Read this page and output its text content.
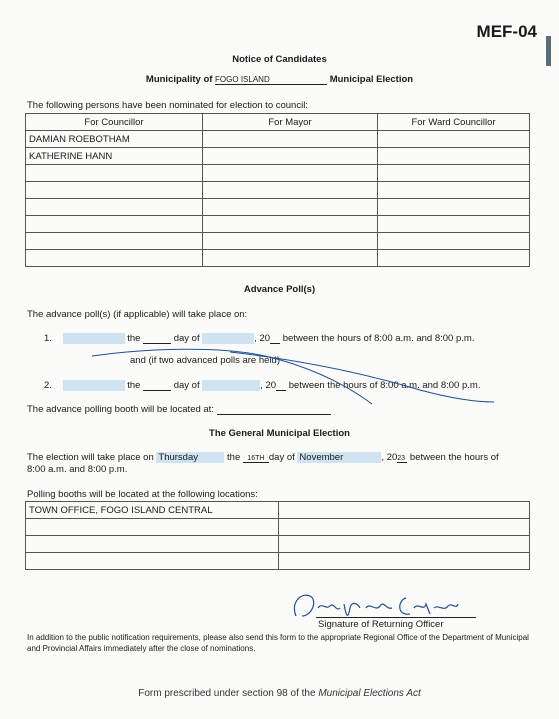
MEF-04
Notice of Candidates
Municipality of FOGO ISLAND	Municipal Election
The following persons have been nominated for election to council:
For Councillor	For Mayor	For Ward Councillor
DAMIAN ROEBOTHAM		
KATHERINE HANN		

Advance Poll(s)
The advance poll(s) (if applicable) will take place on:
1.	the	day of	, 20 between the hours of 8:00 a.m. and 8:00 p.m.
and (if two advanced polls are held)
2.	the	day of	, 20 between the hours of 8:00 a.m. and 8:00 p.m.
The advance polling booth will be located at:
The General Municipal Election
The election will take place on Thursday	the 16TH day of November	, 2023 between the hours of
8:00 a.m. and 8:00 p.m.
Polling booths will be located at the following locations:
TOWN OFFICE, FOGO ISLAND CENTRAL	

Signature of Returning Officer
In addition to the public notification requirements, please also send this form to the appropriate Regional Office of the Department of Municipal and Provincial Affairs immediately after the close of nominations.
Form prescribed under section 98 of the Municipal Elections Act
